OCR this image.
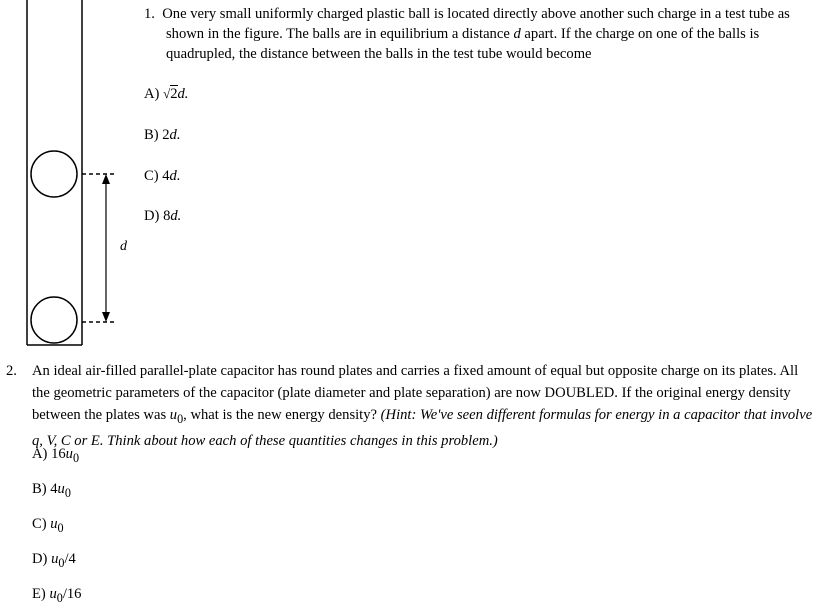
d
1. One very small uniformly charged plastic ball is located directly above another such charge in a test tube as shown in the figure. The balls are in equilibrium a distance d apart. If the charge on one of the balls is quadrupled, the distance between the balls in the test tube would become
A) √2d.
B) 2d.
C) 4d.
D) 8d.
2. An ideal air-filled parallel-plate capacitor has round plates and carries a fixed amount of equal but opposite charge on its plates. All the geometric parameters of the capacitor (plate diameter and plate separation) are now DOUBLED. If the original energy density between the plates was $u_0$, what is the new energy density? (Hint: We've seen different formulas for energy in a capacitor that involve q, V, C or E. Think about how each of these quantities changes in this problem.)
A) $16u_0$
B) $4u_0$
C) $u_0$
D) $u_0/4$
E) $u_0/16$
